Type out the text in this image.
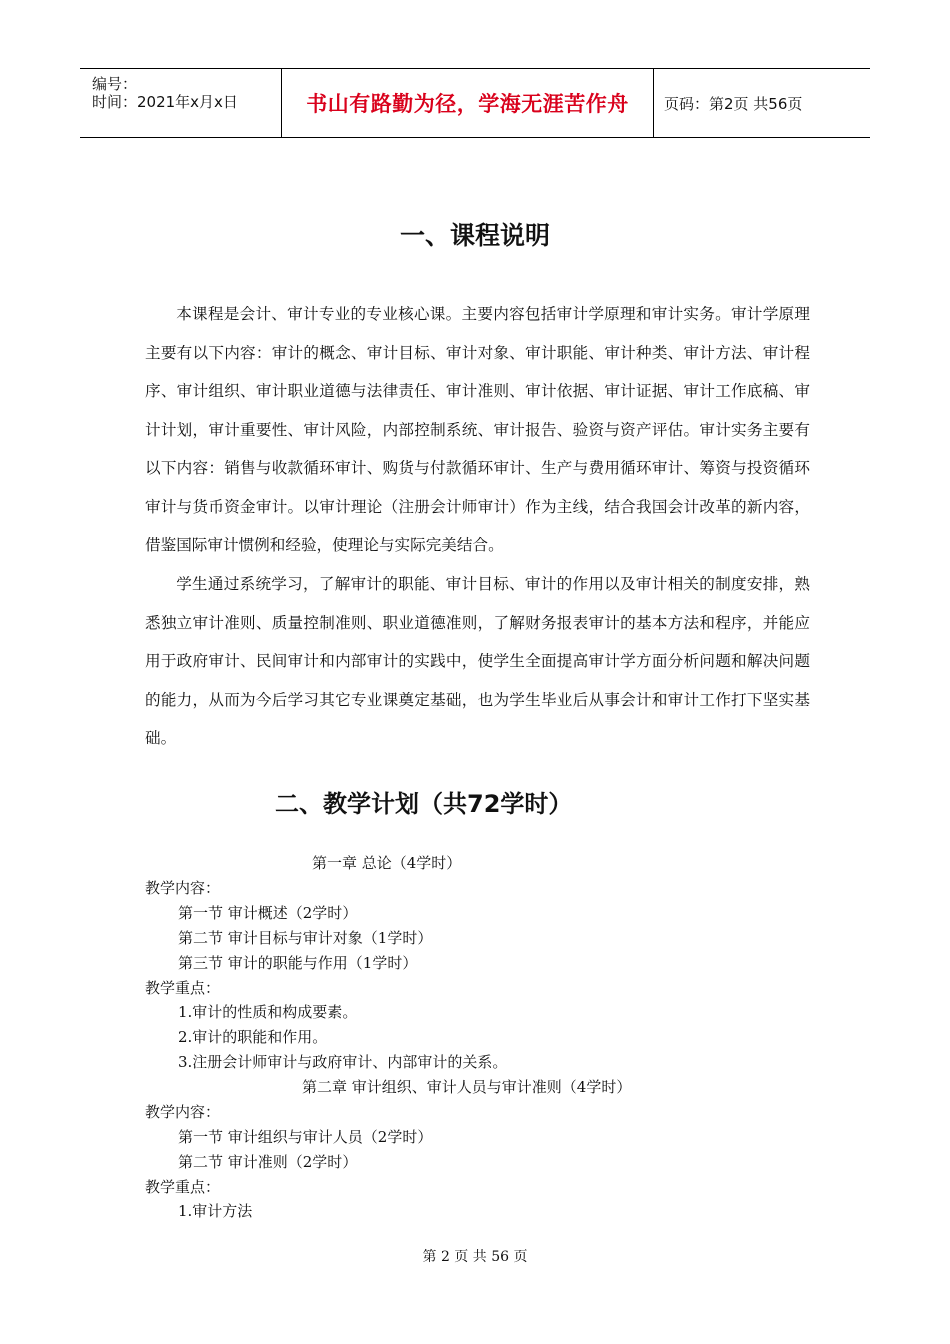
编号：
时间：2021年x月x日	书山有路勤为径，学海无涯苦作舟 页码：第2页 共56页
一、课程说明

本课程是会计、审计专业的专业核心课。主要内容包括审计学原理和审计实务。审计学原理主要有以下内容：审计的概念、审计目标、审计对象、审计职能、审计种类、审计方法、审计程序、审计组织、审计职业道德与法律责任、审计准则、审计依据、审计证据、审计工作底稿、审计计划，审计重要性、审计风险，内部控制系统、审计报告、验资与资产评估。审计实务主要有以下内容：销售与收款循环审计、购货与付款循环审计、生产与费用循环审计、筹资与投资循环审计与货币资金审计。以审计理论（注册会计师审计）作为主线，结合我国会计改革的新内容，借鉴国际审计惯例和经验，使理论与实际完美结合。

学生通过系统学习，了解审计的职能、审计目标、审计的作用以及审计相关的制度安排，熟悉独立审计准则、质量控制准则、职业道德准则，了解财务报表审计的基本方法和程序，并能应用于政府审计、民间审计和内部审计的实践中，使学生全面提高审计学方面分析问题和解决问题的能力，从而为今后学习其它专业课奠定基础，也为学生毕业后从事会计和审计工作打下坚实基础。

二、教学计划（共72学时）
第一章 总论（4学时）
教学内容：
第一节 审计概述（2学时）
第二节 审计目标与审计对象（1学时）
第三节 审计的职能与作用（1学时）
教学重点：
1.审计的性质和构成要素。
2.审计的职能和作用。
3.注册会计师审计与政府审计、内部审计的关系。
第二章 审计组织、审计人员与审计准则（4学时）
教学内容：
第一节 审计组织与审计人员（2学时）
第二节 审计准则（2学时）
教学重点：
1.审计方法
第 2 页 共 56 页
